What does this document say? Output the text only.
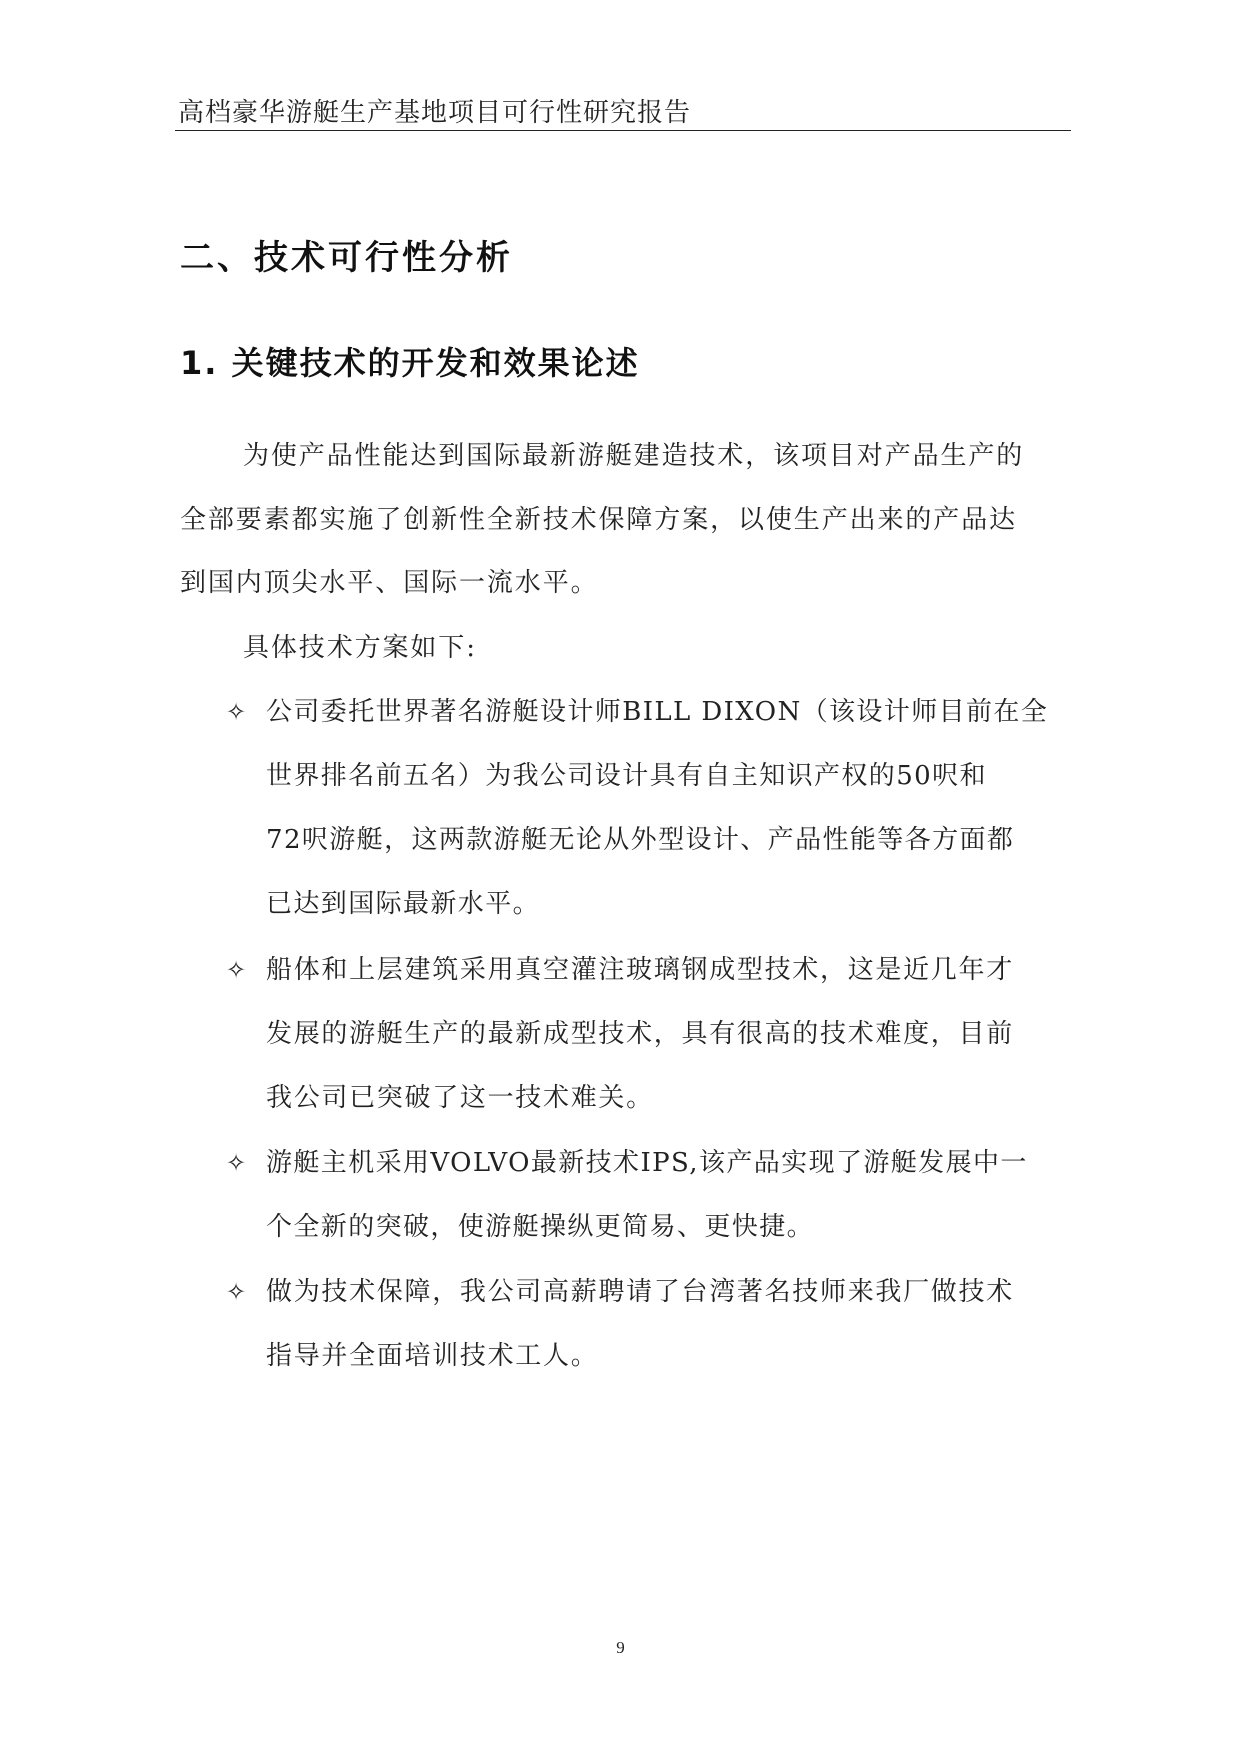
高档豪华游艇生产基地项目可行性研究报告
二、技术可行性分析
1. 关键技术的开发和效果论述
为使产品性能达到国际最新游艇建造技术，该项目对产品生产的
全部要素都实施了创新性全新技术保障方案，以使生产出来的产品达
到国内顶尖水平、国际一流水平。
具体技术方案如下:
✧ 公司委托世界著名游艇设计师BILL DIXON（该设计师目前在全
世界排名前五名）为我公司设计具有自主知识产权的50呎和
72呎游艇，这两款游艇无论从外型设计、产品性能等各方面都
已达到国际最新水平。
✧ 船体和上层建筑采用真空灌注玻璃钢成型技术，这是近几年才
发展的游艇生产的最新成型技术，具有很高的技术难度，目前
我公司已突破了这一技术难关。
✧ 游艇主机采用VOLVO最新技术IPS,该产品实现了游艇发展中一
个全新的突破，使游艇操纵更简易、更快捷。
✧ 做为技术保障，我公司高薪聘请了台湾著名技师来我厂做技术
指导并全面培训技术工人。
9
